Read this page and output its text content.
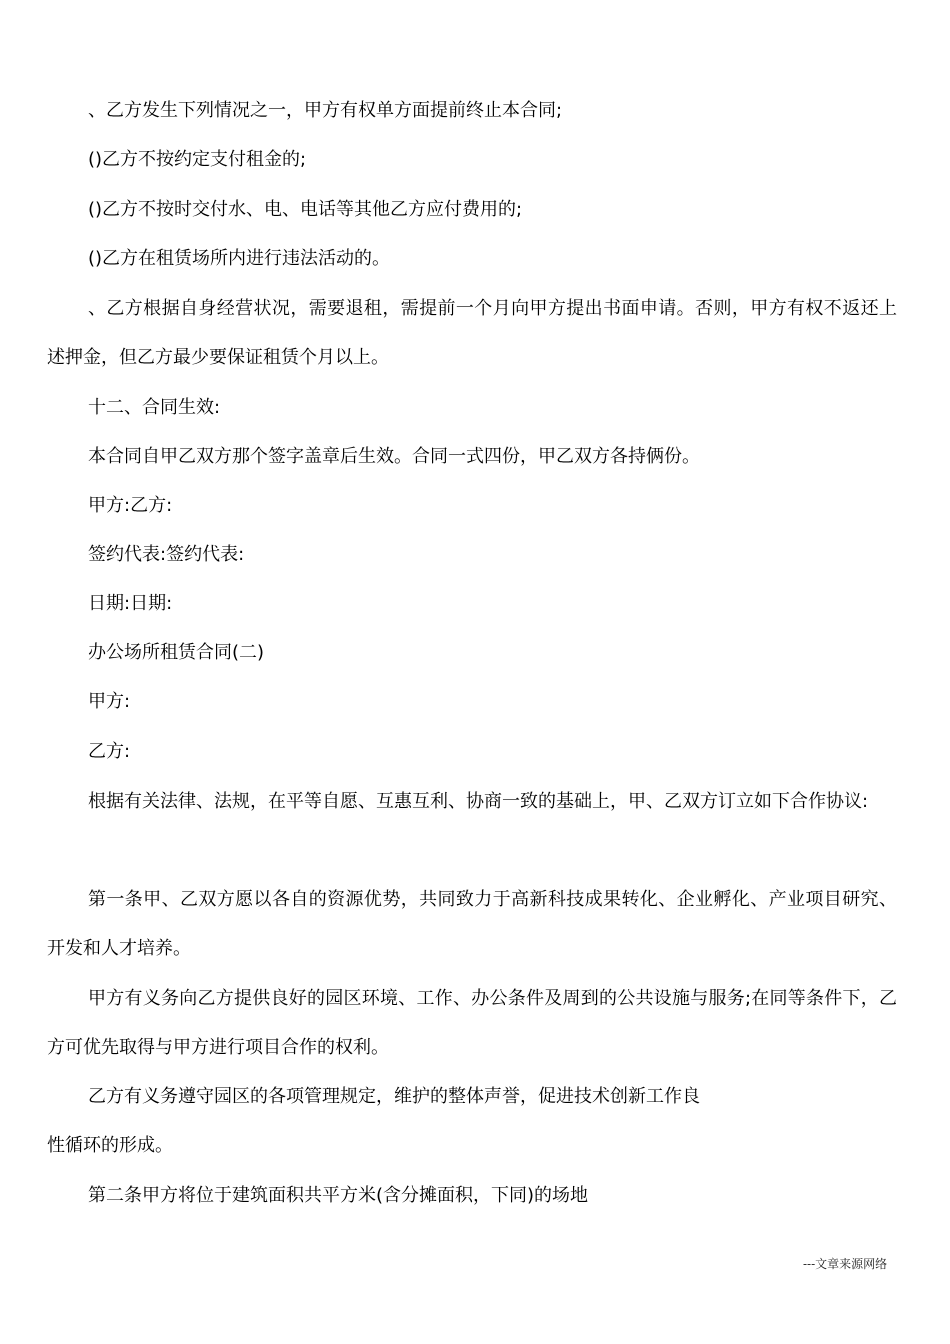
、乙方发生下列情况之一，甲方有权单方面提前终止本合同;
()乙方不按约定支付租金的;
()乙方不按时交付水、电、电话等其他乙方应付费用的;
()乙方在租赁场所内进行违法活动的。
、乙方根据自身经营状况，需要退租，需提前一个月向甲方提出书面申请。否则，甲方有权不返还上述押金，但乙方最少要保证租赁个月以上。
十二、合同生效:
本合同自甲乙双方那个签字盖章后生效。合同一式四份，甲乙双方各持俩份。
甲方:乙方:
签约代表:签约代表:
日期:日期:
办公场所租赁合同(二)
甲方:
乙方:
根据有关法律、法规，在平等自愿、互惠互利、协商一致的基础上，甲、乙双方订立如下合作协议:
第一条甲、乙双方愿以各自的资源优势，共同致力于高新科技成果转化、企业孵化、产业项目研究、开发和人才培养。
甲方有义务向乙方提供良好的园区环境、工作、办公条件及周到的公共设施与服务;在同等条件下，乙方可优先取得与甲方进行项目合作的权利。
乙方有义务遵守园区的各项管理规定，维护的整体声誉，促进技术创新工作良
性循环的形成。
第二条甲方将位于建筑面积共平方米(含分摊面积，下同)的场地
---文章来源网络
